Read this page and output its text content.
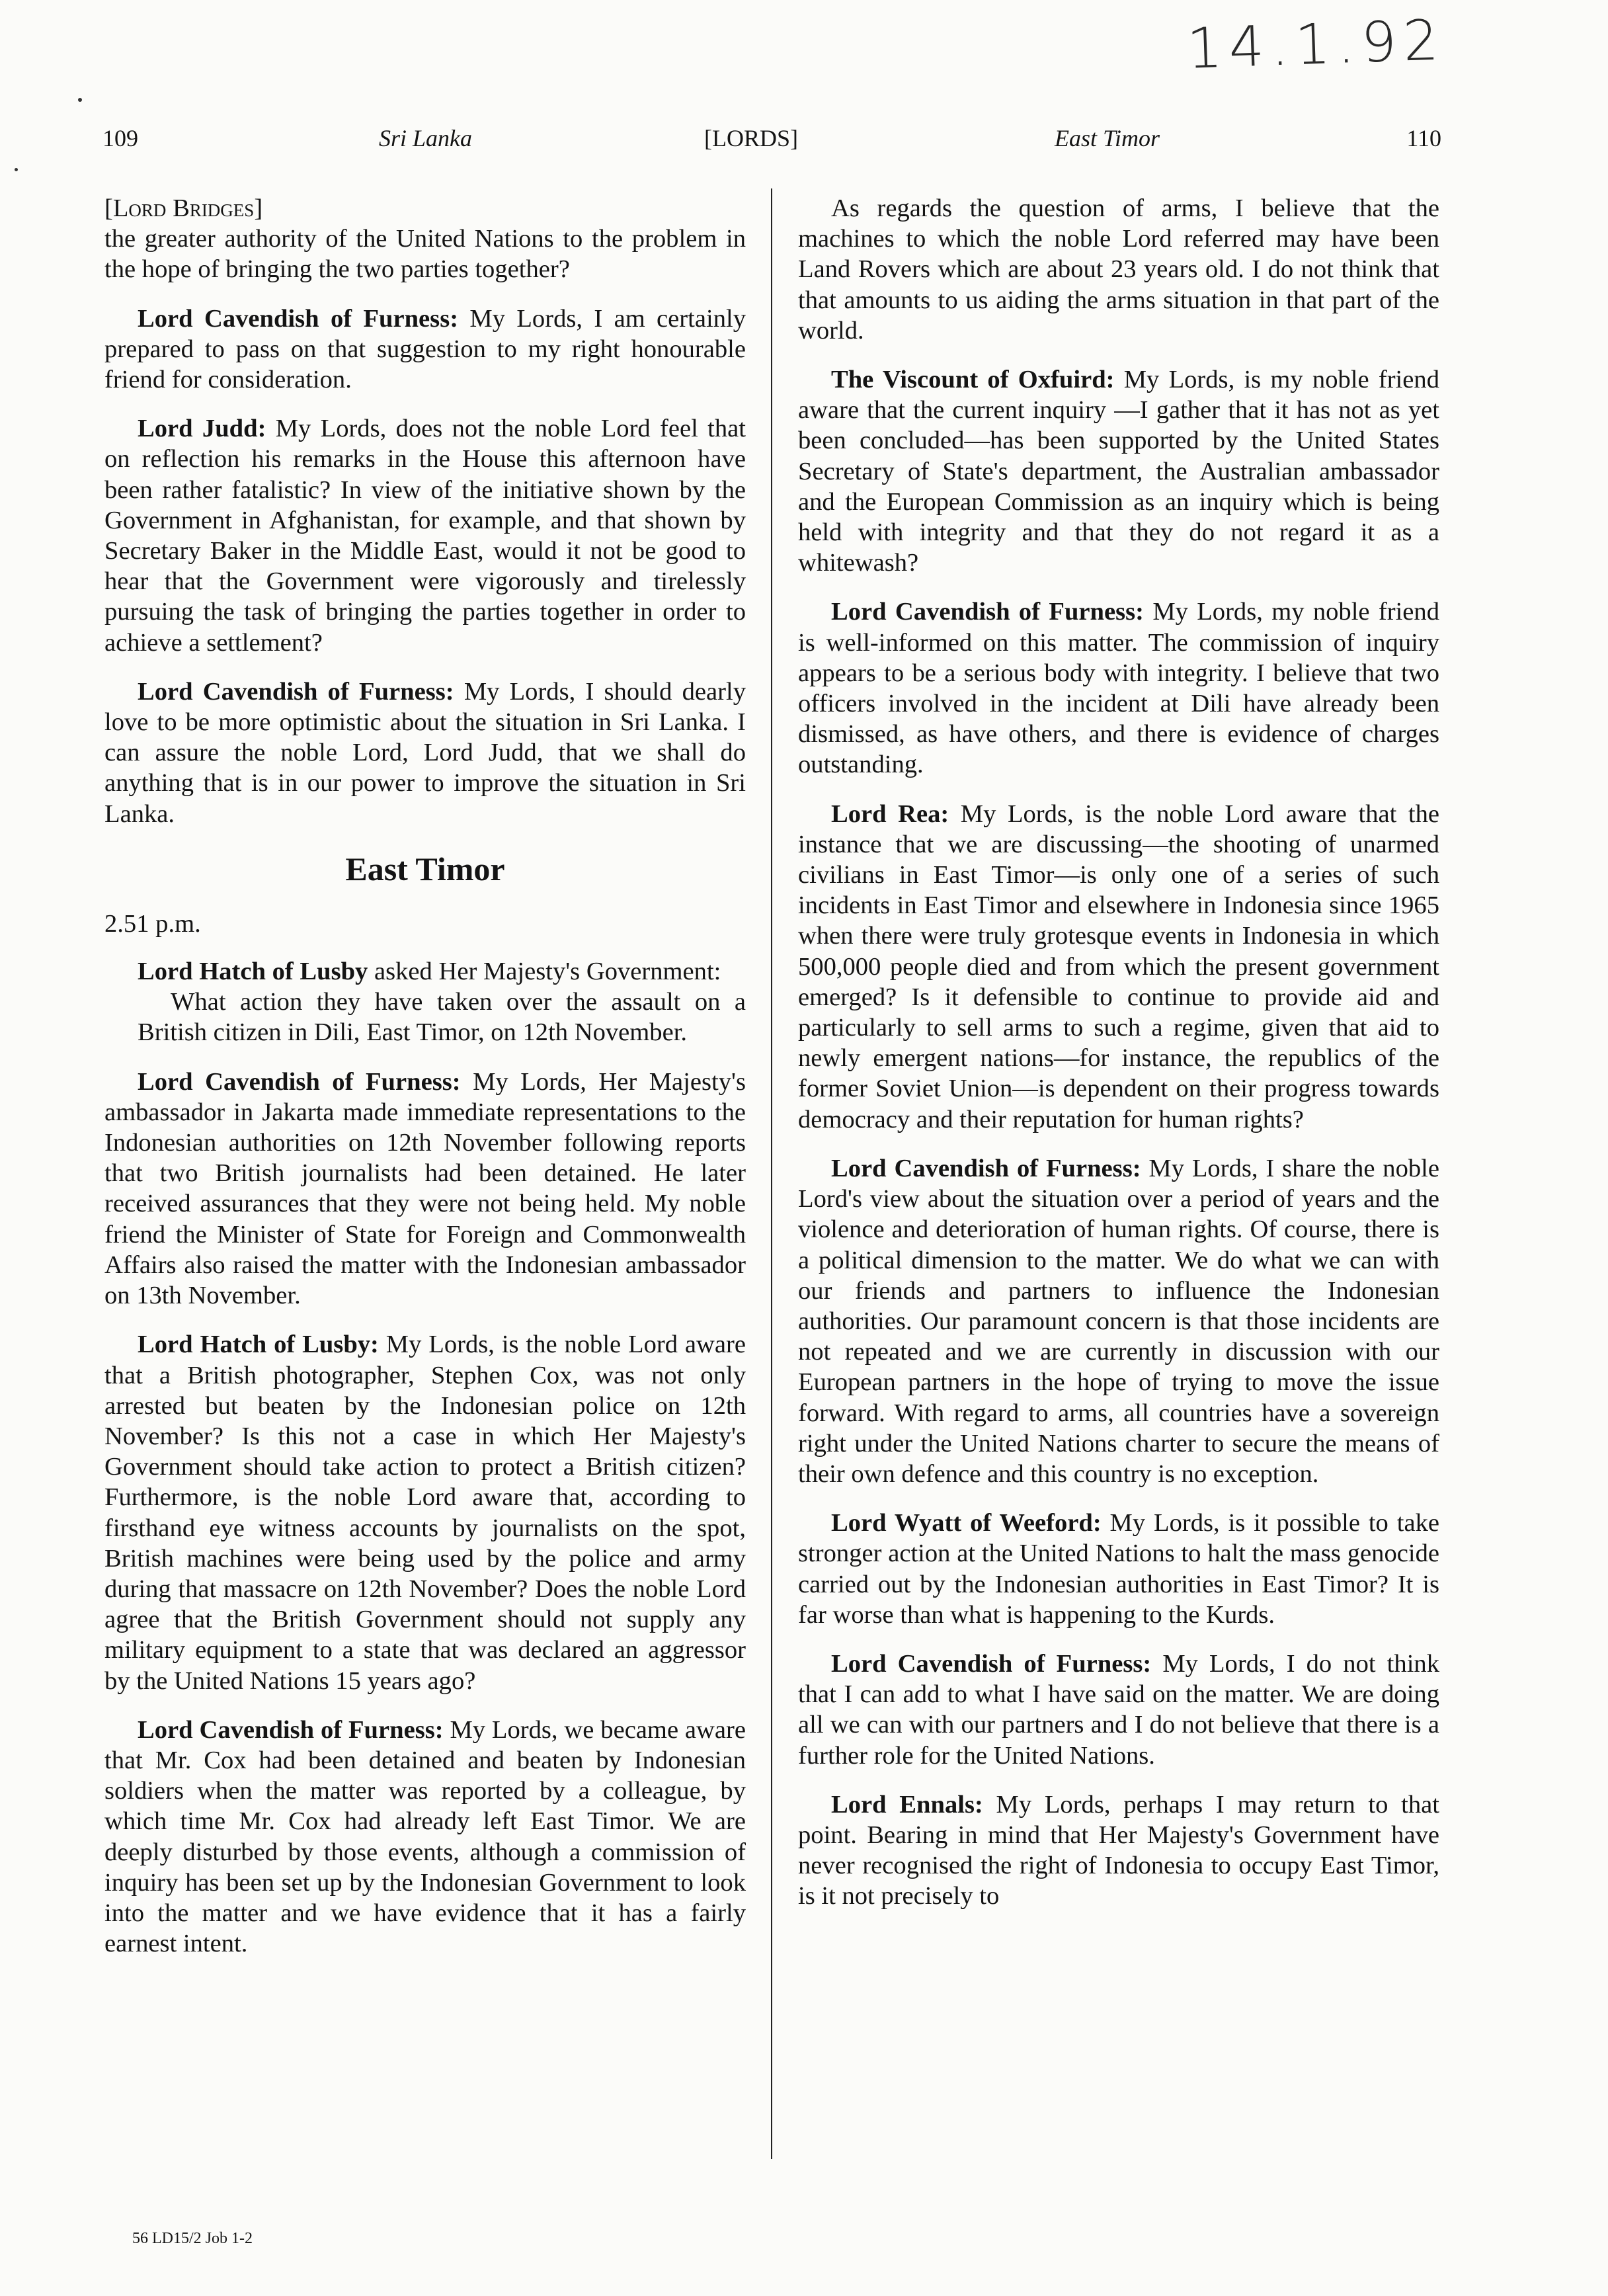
14.1.92
109	Sri Lanka	[LORDS]	East Timor	110

[Lord Bridges]

the greater authority of the United Nations to the problem in the hope of bringing the two parties together?

Lord Cavendish of Furness: My Lords, I am certainly prepared to pass on that suggestion to my right honourable friend for consideration.

Lord Judd: My Lords, does not the noble Lord feel that on reflection his remarks in the House this afternoon have been rather fatalistic? In view of the initiative shown by the Government in Afghanistan, for example, and that shown by Secretary Baker in the Middle East, would it not be good to hear that the Government were vigorously and tirelessly pursuing the task of bringing the parties together in order to achieve a settlement?

Lord Cavendish of Furness: My Lords, I should dearly love to be more optimistic about the situation in Sri Lanka. I can assure the noble Lord, Lord Judd, that we shall do anything that is in our power to improve the situation in Sri Lanka.

East Timor

2.51 p.m.

Lord Hatch of Lusby asked Her Majesty's Government:

What action they have taken over the assault on a British citizen in Dili, East Timor, on 12th November.

Lord Cavendish of Furness: My Lords, Her Majesty's ambassador in Jakarta made immediate representations to the Indonesian authorities on 12th November following reports that two British journalists had been detained. He later received assurances that they were not being held. My noble friend the Minister of State for Foreign and Commonwealth Affairs also raised the matter with the Indonesian ambassador on 13th November.

Lord Hatch of Lusby: My Lords, is the noble Lord aware that a British photographer, Stephen Cox, was not only arrested but beaten by the Indonesian police on 12th November? Is this not a case in which Her Majesty's Government should take action to protect a British citizen? Furthermore, is the noble Lord aware that, according to firsthand eye witness accounts by journalists on the spot, British machines were being used by the police and army during that massacre on 12th November? Does the noble Lord agree that the British Government should not supply any military equipment to a state that was declared an aggressor by the United Nations 15 years ago?

Lord Cavendish of Furness: My Lords, we became aware that Mr. Cox had been detained and beaten by Indonesian soldiers when the matter was reported by a colleague, by which time Mr. Cox had already left East Timor. We are deeply disturbed by those events, although a commission of inquiry has been set up by the Indonesian Government to look into the matter and we have evidence that it has a fairly earnest intent.

As regards the question of arms, I believe that the machines to which the noble Lord referred may have been Land Rovers which are about 23 years old. I do not think that that amounts to us aiding the arms situation in that part of the world.

The Viscount of Oxfuird: My Lords, is my noble friend aware that the current inquiry —I gather that it has not as yet been concluded—has been supported by the United States Secretary of State's department, the Australian ambassador and the European Commission as an inquiry which is being held with integrity and that they do not regard it as a whitewash?

Lord Cavendish of Furness: My Lords, my noble friend is well-informed on this matter. The commission of inquiry appears to be a serious body with integrity. I believe that two officers involved in the incident at Dili have already been dismissed, as have others, and there is evidence of charges outstanding.

Lord Rea: My Lords, is the noble Lord aware that the instance that we are discussing—the shooting of unarmed civilians in East Timor—is only one of a series of such incidents in East Timor and elsewhere in Indonesia since 1965 when there were truly grotesque events in Indonesia in which 500,000 people died and from which the present government emerged? Is it defensible to continue to provide aid and particularly to sell arms to such a regime, given that aid to newly emergent nations—for instance, the republics of the former Soviet Union—is dependent on their progress towards democracy and their reputation for human rights?

Lord Cavendish of Furness: My Lords, I share the noble Lord's view about the situation over a period of years and the violence and deterioration of human rights. Of course, there is a political dimension to the matter. We do what we can with our friends and partners to influence the Indonesian authorities. Our paramount concern is that those incidents are not repeated and we are currently in discussion with our European partners in the hope of trying to move the issue forward. With regard to arms, all countries have a sovereign right under the United Nations charter to secure the means of their own defence and this country is no exception.

Lord Wyatt of Weeford: My Lords, is it possible to take stronger action at the United Nations to halt the mass genocide carried out by the Indonesian authorities in East Timor? It is far worse than what is happening to the Kurds.

Lord Cavendish of Furness: My Lords, I do not think that I can add to what I have said on the matter. We are doing all we can with our partners and I do not believe that there is a further role for the United Nations.

Lord Ennals: My Lords, perhaps I may return to that point. Bearing in mind that Her Majesty's Government have never recognised the right of Indonesia to occupy East Timor, is it not precisely to

56 LD15/2 Job 1-2
